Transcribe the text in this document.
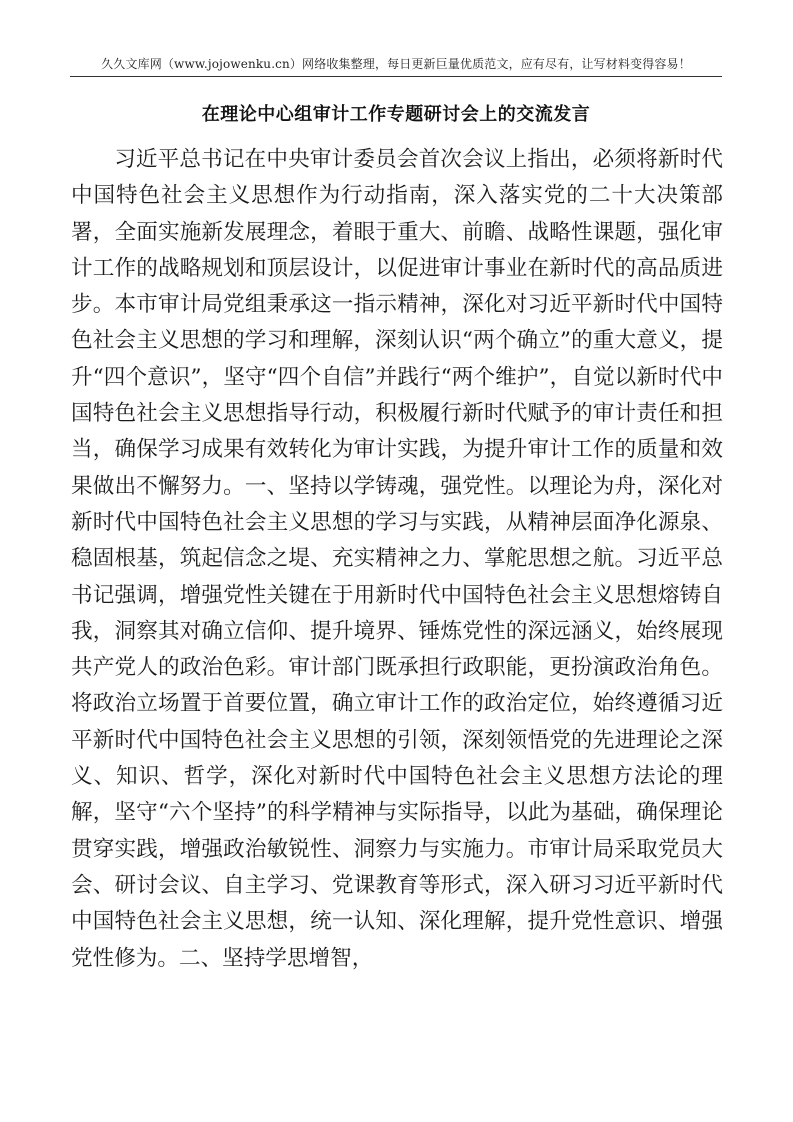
久久文库网（www.jojowenku.cn）网络收集整理，每日更新巨量优质范文，应有尽有，让写材料变得容易！
在理论中心组审计工作专题研讨会上的交流发言

习近平总书记在中央审计委员会首次会议上指出，必须将新时代中国特色社会主义思想作为行动指南，深入落实党的二十大决策部署，全面实施新发展理念，着眼于重大、前瞻、战略性课题，强化审计工作的战略规划和顶层设计，以促进审计事业在新时代的高品质进步。本市审计局党组秉承这一指示精神，深化对习近平新时代中国特色社会主义思想的学习和理解，深刻认识“两个确立”的重大意义，提升“四个意识”，坚守“四个自信”并践行“两个维护”，自觉以新时代中国特色社会主义思想指导行动，积极履行新时代赋予的审计责任和担当，确保学习成果有效转化为审计实践，为提升审计工作的质量和效果做出不懈努力。一、坚持以学铸魂，强党性。以理论为舟，深化对新时代中国特色社会主义思想的学习与实践，从精神层面净化源泉、稳固根基，筑起信念之堤、充实精神之力、掌舵思想之航。习近平总书记强调，增强党性关键在于用新时代中国特色社会主义思想熔铸自我，洞察其对确立信仰、提升境界、锤炼党性的深远涵义，始终展现共产党人的政治色彩。审计部门既承担行政职能，更扮演政治角色。将政治立场置于首要位置，确立审计工作的政治定位，始终遵循习近平新时代中国特色社会主义思想的引领，深刻领悟党的先进理论之深义、知识、哲学，深化对新时代中国特色社会主义思想方法论的理解，坚守“六个坚持”的科学精神与实际指导，以此为基础，确保理论贯穿实践，增强政治敏锐性、洞察力与实施力。市审计局采取党员大会、研讨会议、自主学习、党课教育等形式，深入研习习近平新时代中国特色社会主义思想，统一认知、深化理解，提升党性意识、增强党性修为。二、坚持学思增智，
